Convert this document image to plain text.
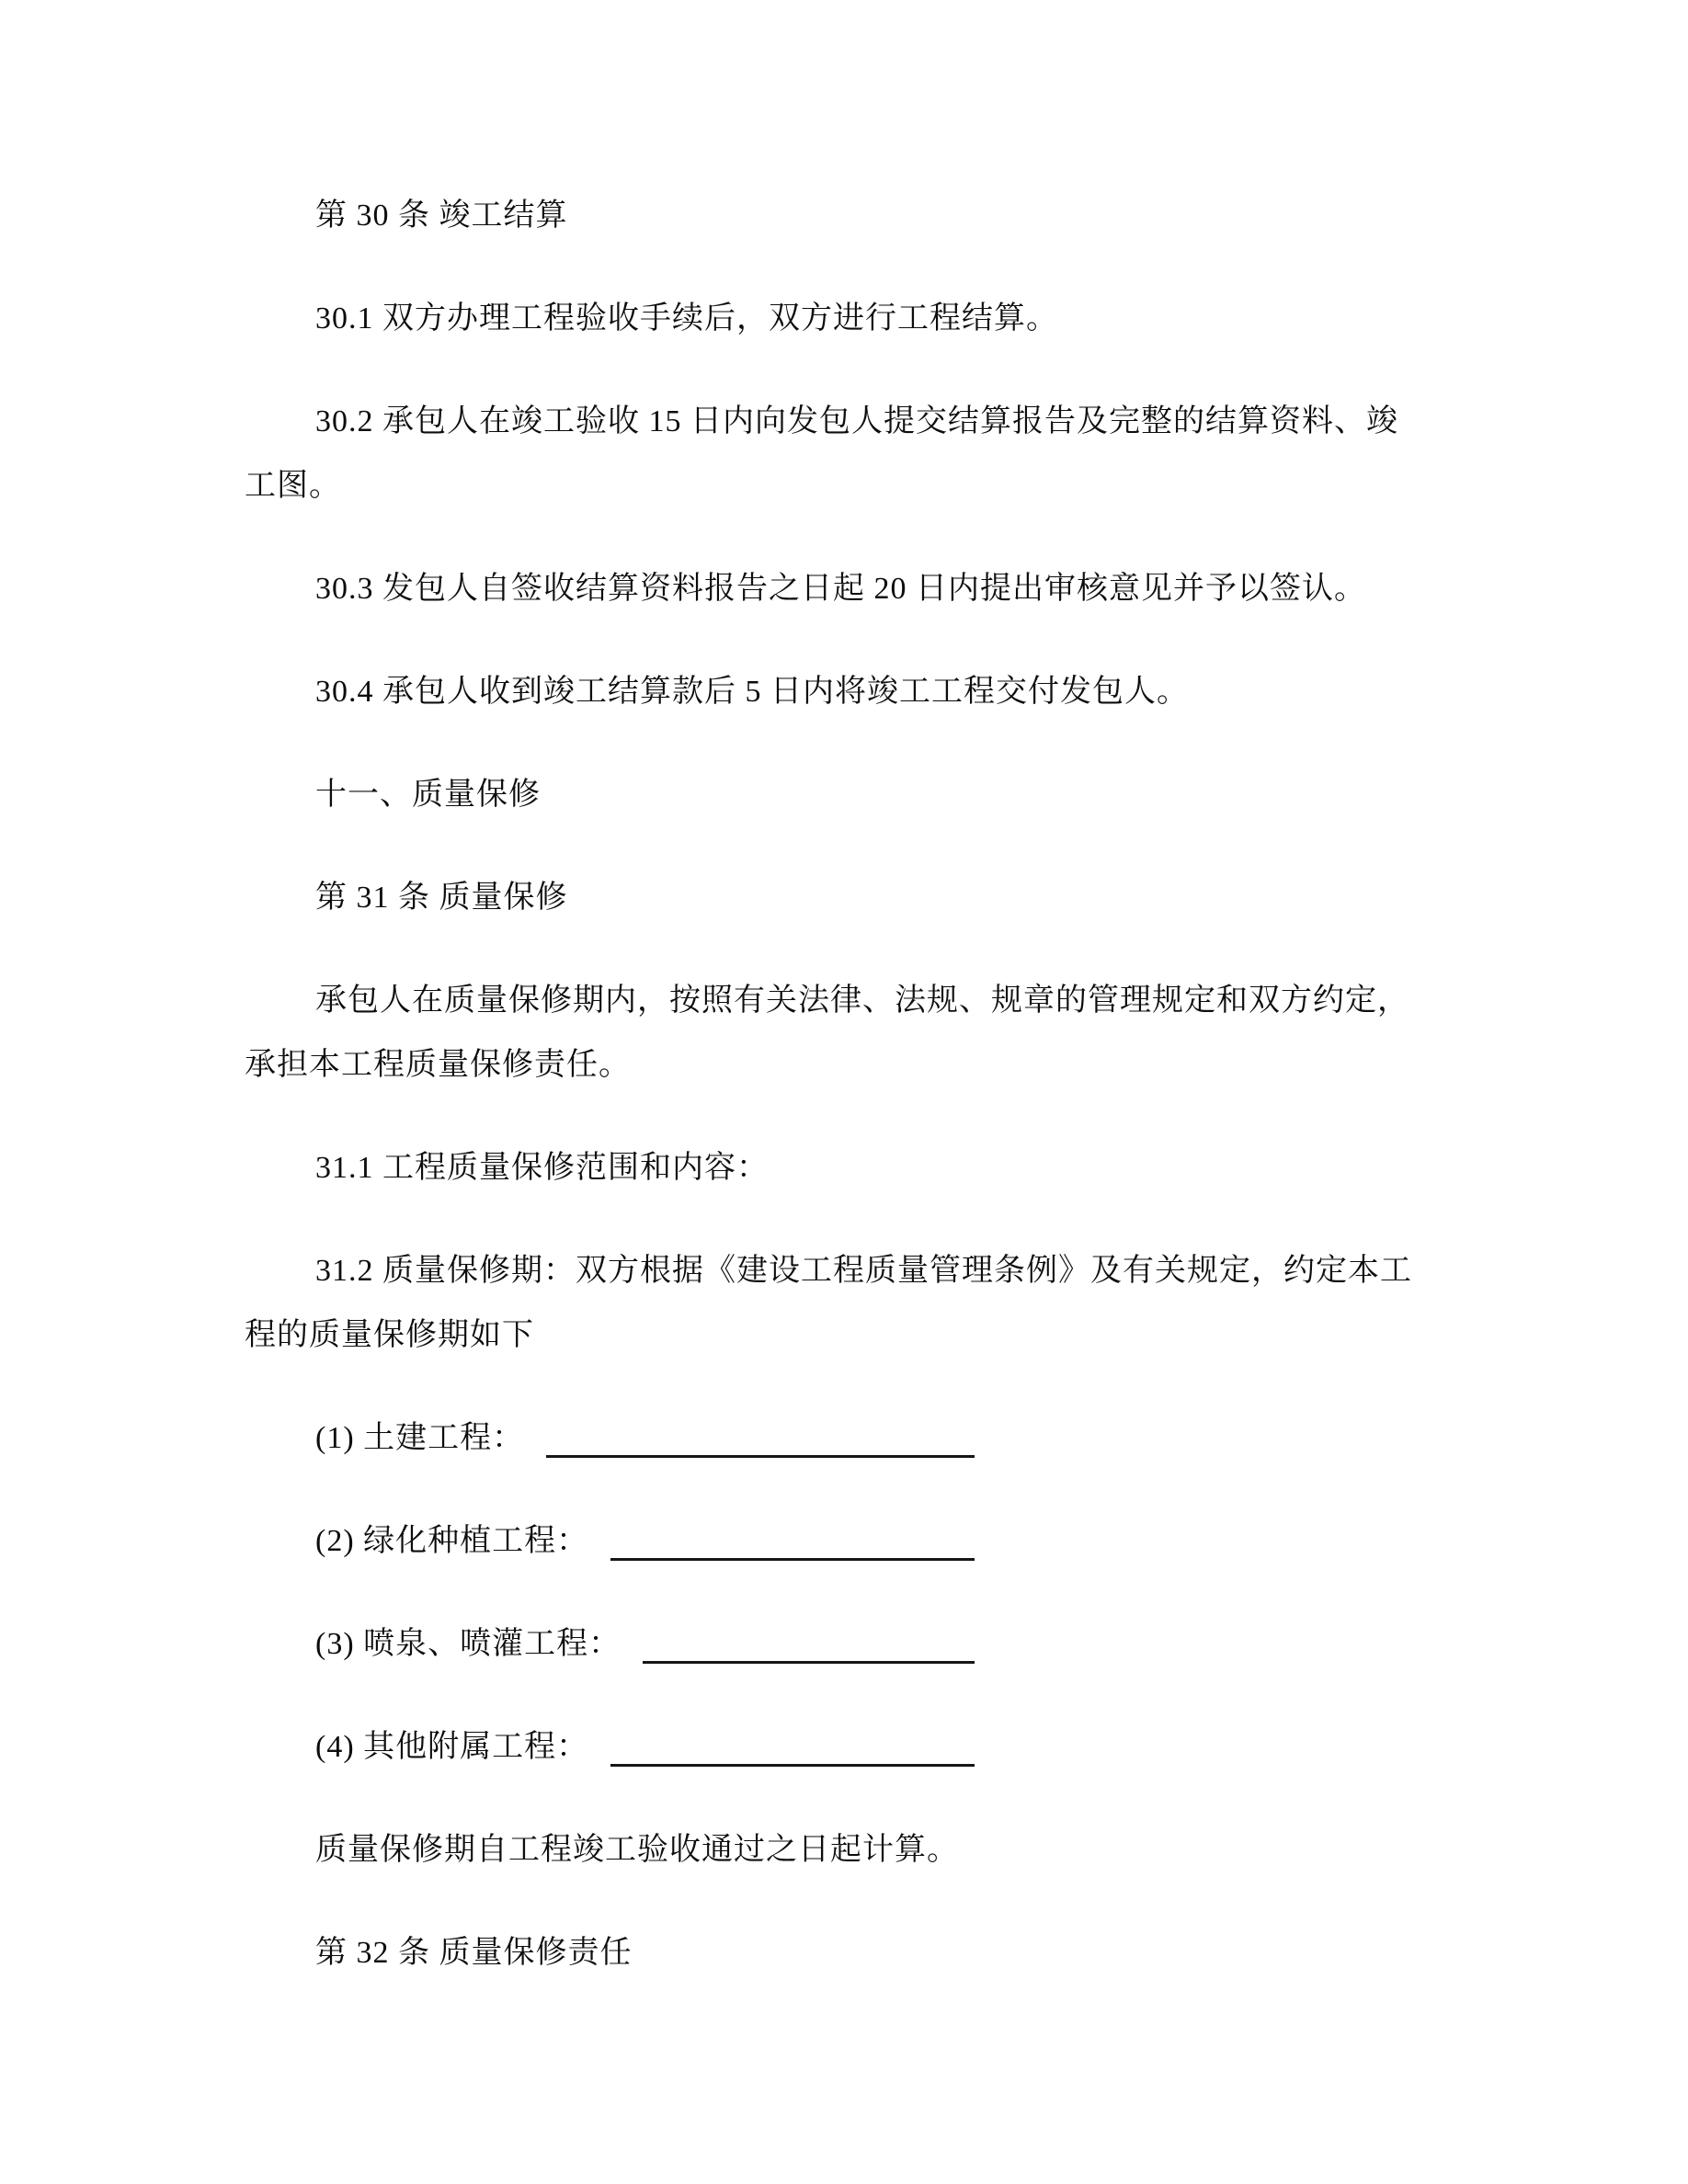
第 30 条 竣工结算
30.1 双方办理工程验收手续后，双方进行工程结算。
30.2 承包人在竣工验收 15 日内向发包人提交结算报告及完整的结算资料、竣
工图。
30.3 发包人自签收结算资料报告之日起 20 日内提出审核意见并予以签认。
30.4 承包人收到竣工结算款后 5 日内将竣工工程交付发包人。
十一、质量保修
第 31 条 质量保修
承包人在质量保修期内，按照有关法律、法规、规章的管理规定和双方约定，
承担本工程质量保修责任。
31.1 工程质量保修范围和内容：
31.2 质量保修期：双方根据《建设工程质量管理条例》及有关规定，约定本工
程的质量保修期如下
(1) 土建工程：
(2) 绿化种植工程：
(3) 喷泉、喷灌工程：
(4) 其他附属工程：
质量保修期自工程竣工验收通过之日起计算。
第 32 条 质量保修责任
